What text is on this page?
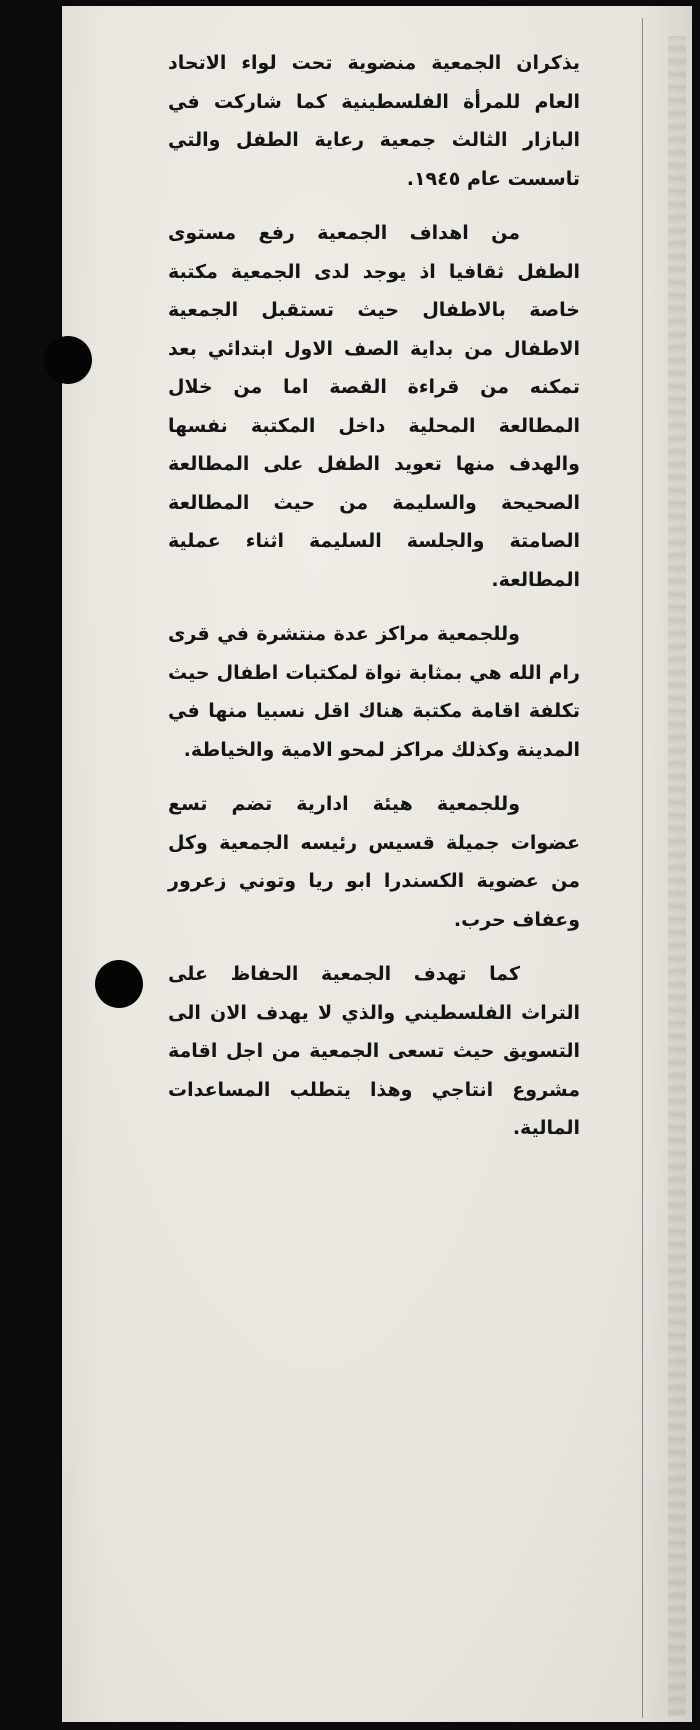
يذكران الجمعية منضوية تحت لواء الاتحاد العام للمرأة الفلسطينية كما شاركت في البازار الثالث جمعية رعاية الطفل والتي تاسست عام ١٩٤٥.

من اهداف الجمعية رفع مستوى الطفل ثقافيا اذ يوجد لدى الجمعية مكتبة خاصة بالاطفال حيث تستقبل الجمعية الاطفال من بداية الصف الاول ابتدائي بعد تمكنه من قراءة القصة اما من خلال المطالعة المحلية داخل المكتبة نفسها والهدف منها تعويد الطفل على المطالعة الصحيحة والسليمة من حيث المطالعة الصامتة والجلسة السليمة اثناء عملية المطالعة.

وللجمعية مراكز عدة منتشرة في قرى رام الله هي بمثابة نواة لمكتبات اطفال حيث تكلفة اقامة مكتبة هناك اقل نسبيا منها في المدينة وكذلك مراكز لمحو الامية والخياطة.

وللجمعية هيئة ادارية تضم تسع عضوات جميلة قسيس رئيسه الجمعية وكل من عضوية الكسندرا ابو ريا وتوني زعرور وعفاف حرب.

كما تهدف الجمعية الحفاظ على التراث الفلسطيني والذي لا يهدف الان الى التسويق حيث تسعى الجمعية من اجل اقامة مشروع انتاجي وهذا يتطلب المساعدات المالية.
